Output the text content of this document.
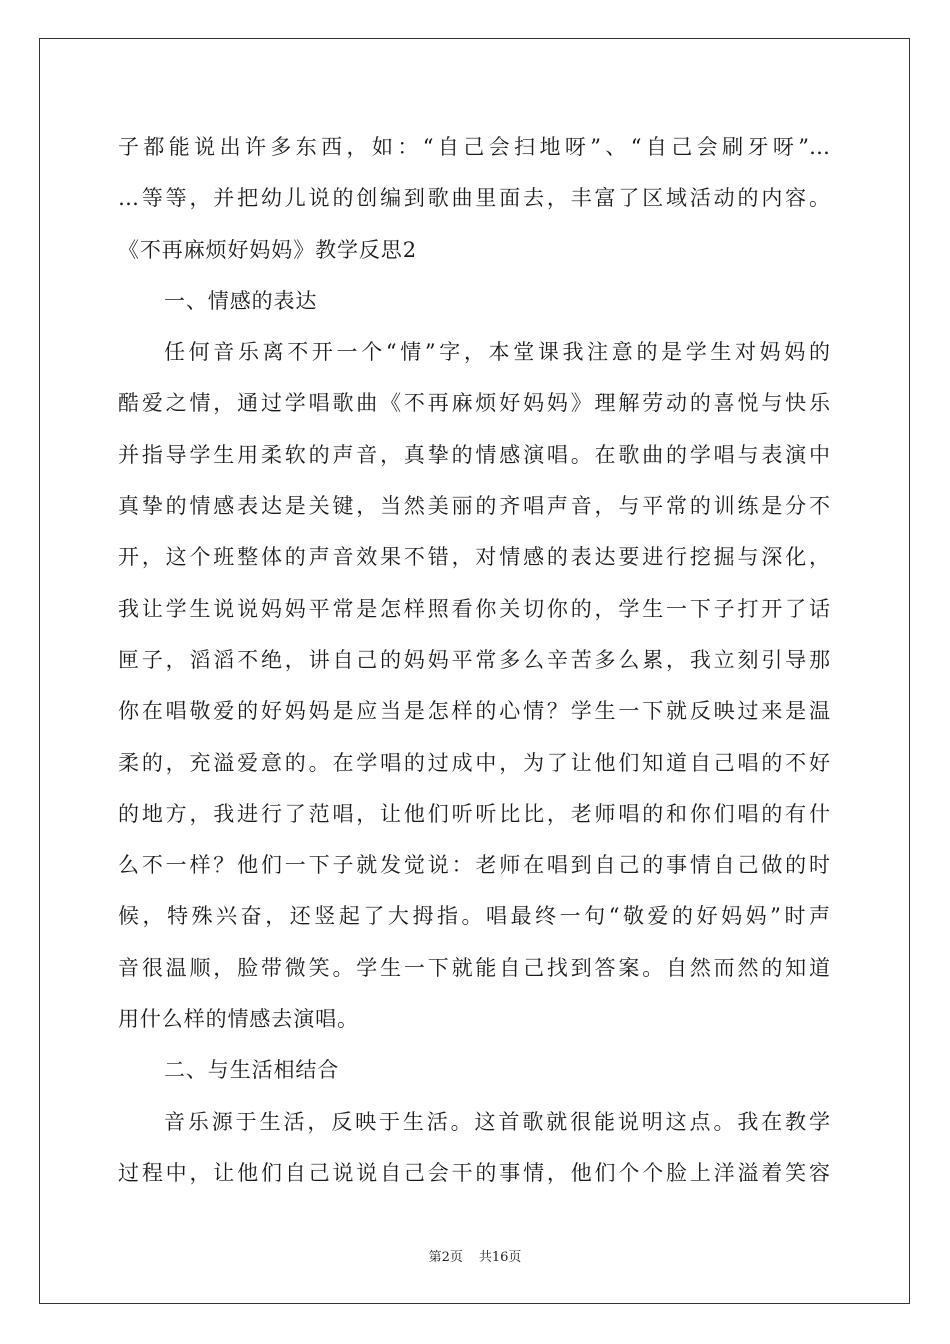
子都能说出许多东西，如：“自己会扫地呀”、“自己会刷牙呀”…
…等等，并把幼儿说的创编到歌曲里面去，丰富了区域活动的内容。
《不再麻烦好妈妈》教学反思2
一、情感的表达
任何音乐离不开一个“情”字，本堂课我注意的是学生对妈妈的
酷爱之情，通过学唱歌曲《不再麻烦好妈妈》理解劳动的喜悦与快乐
并指导学生用柔软的声音，真挚的情感演唱。在歌曲的学唱与表演中
真挚的情感表达是关键，当然美丽的齐唱声音，与平常的训练是分不
开，这个班整体的声音效果不错，对情感的表达要进行挖掘与深化，
我让学生说说妈妈平常是怎样照看你关切你的，学生一下子打开了话
匣子，滔滔不绝，讲自己的妈妈平常多么辛苦多么累，我立刻引导那
你在唱敬爱的好妈妈是应当是怎样的心情？学生一下就反映过来是温
柔的，充溢爱意的。在学唱的过成中，为了让他们知道自己唱的不好
的地方，我进行了范唱，让他们听听比比，老师唱的和你们唱的有什
么不一样？他们一下子就发觉说：老师在唱到自己的事情自己做的时
候，特殊兴奋，还竖起了大拇指。唱最终一句“敬爱的好妈妈”时声
音很温顺，脸带微笑。学生一下就能自己找到答案。自然而然的知道
用什么样的情感去演唱。
二、与生活相结合
音乐源于生活，反映于生活。这首歌就很能说明这点。我在教学
过程中，让他们自己说说自己会干的事情，他们个个脸上洋溢着笑容
第2页 共16页
